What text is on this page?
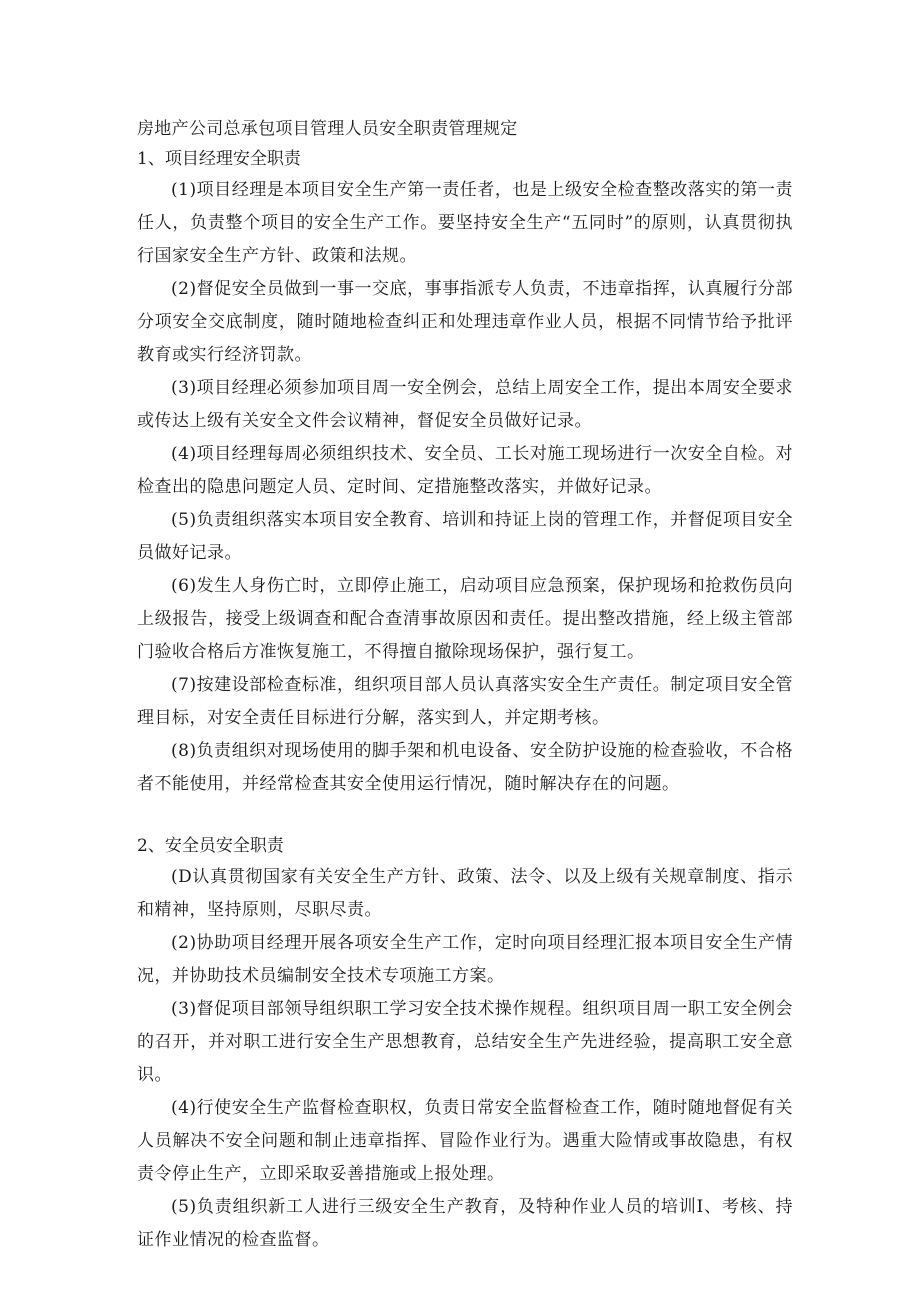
房地产公司总承包项目管理人员安全职责管理规定
1、项目经理安全职责

(1)项目经理是本项目安全生产第一责任者，也是上级安全检查整改落实的第一责任人，负责整个项目的安全生产工作。要坚持安全生产“五同时”的原则，认真贯彻执行国家安全生产方针、政策和法规。

(2)督促安全员做到一事一交底，事事指派专人负责，不违章指挥，认真履行分部分项安全交底制度，随时随地检查纠正和处理违章作业人员，根据不同情节给予批评教育或实行经济罚款。

(3)项目经理必须参加项目周一安全例会，总结上周安全工作，提出本周安全要求或传达上级有关安全文件会议精神，督促安全员做好记录。

(4)项目经理每周必须组织技术、安全员、工长对施工现场进行一次安全自检。对检查出的隐患问题定人员、定时间、定措施整改落实，并做好记录。

(5)负责组织落实本项目安全教育、培训和持证上岗的管理工作，并督促项目安全员做好记录。

(6)发生人身伤亡时，立即停止施工，启动项目应急预案，保护现场和抢救伤员向上级报告，接受上级调查和配合查清事故原因和责任。提出整改措施，经上级主管部门验收合格后方准恢复施工，不得擅自撤除现场保护，强行复工。

(7)按建设部检查标准，组织项目部人员认真落实安全生产责任。制定项目安全管理目标，对安全责任目标进行分解，落实到人，并定期考核。

(8)负责组织对现场使用的脚手架和机电设备、安全防护设施的检查验收，不合格者不能使用，并经常检查其安全使用运行情况，随时解决存在的问题。

2、安全员安全职责

(D认真贯彻国家有关安全生产方针、政策、法令、以及上级有关规章制度、指示和精神，坚持原则，尽职尽责。

(2)协助项目经理开展各项安全生产工作，定时向项目经理汇报本项目安全生产情况，并协助技术员编制安全技术专项施工方案。

(3)督促项目部领导组织职工学习安全技术操作规程。组织项目周一职工安全例会的召开，并对职工进行安全生产思想教育，总结安全生产先进经验，提高职工安全意识。

(4)行使安全生产监督检查职权，负责日常安全监督检查工作，随时随地督促有关人员解决不安全问题和制止违章指挥、冒险作业行为。遇重大险情或事故隐患，有权责令停止生产，立即采取妥善措施或上报处理。

(5)负责组织新工人进行三级安全生产教育，及特种作业人员的培训I、考核、持证作业情况的检查监督。
